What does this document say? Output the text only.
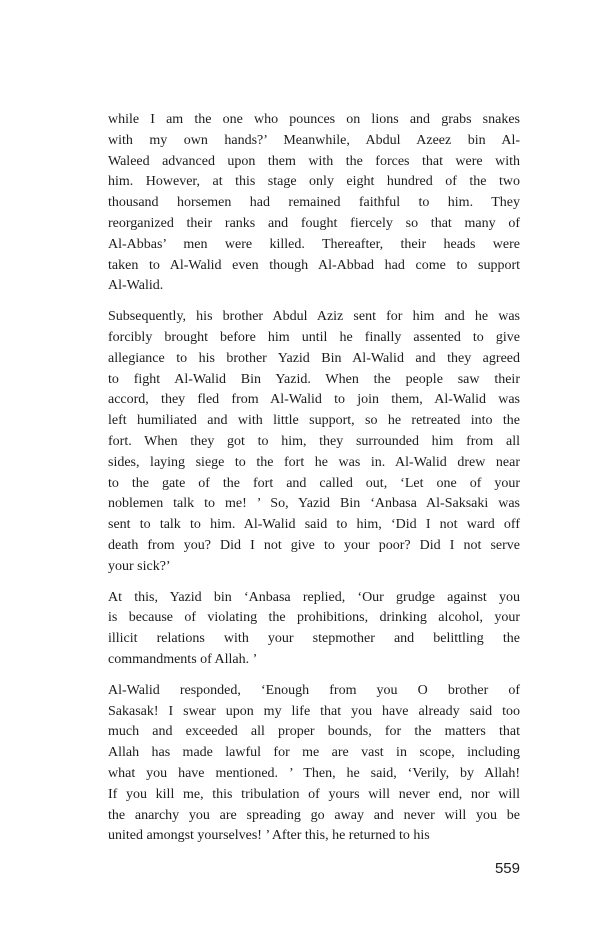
while I am the one who pounces on lions and grabs snakes
with my own hands?’ Meanwhile, Abdul Azeez bin Al-
Waleed advanced upon them with the forces that were with
him. However, at this stage only eight hundred of the two
thousand horsemen had remained faithful to him. They
reorganized their ranks and fought fiercely so that many of
Al-Abbas’ men were killed. Thereafter, their heads were
taken to Al-Walid even though Al-Abbad had come to support
Al-Walid.
Subsequently, his brother Abdul Aziz sent for him and he was
forcibly brought before him until he finally assented to give
allegiance to his brother Yazid Bin Al-Walid and they agreed
to fight Al-Walid Bin Yazid. When the people saw their
accord, they fled from Al-Walid to join them, Al-Walid was
left humiliated and with little support, so he retreated into the
fort. When they got to him, they surrounded him from all
sides, laying siege to the fort he was in. Al-Walid drew near
to the gate of the fort and called out, ‘Let one of your
noblemen talk to me! ’ So, Yazid Bin ‘Anbasa Al-Saksaki was
sent to talk to him. Al-Walid said to him, ‘Did I not ward off
death from you? Did I not give to your poor? Did I not serve
your sick?’
At this, Yazid bin ‘Anbasa replied, ‘Our grudge against you
is because of violating the prohibitions, drinking alcohol, your
illicit relations with your stepmother and belittling the
commandments of Allah. ’
Al-Walid responded, ‘Enough from you O brother of
Sakasak! I swear upon my life that you have already said too
much and exceeded all proper bounds, for the matters that
Allah has made lawful for me are vast in scope, including
what you have mentioned. ’ Then, he said, ‘Verily, by Allah!
If you kill me, this tribulation of yours will never end, nor will
the anarchy you are spreading go away and never will you be
united amongst yourselves! ’ After this, he returned to his
559
